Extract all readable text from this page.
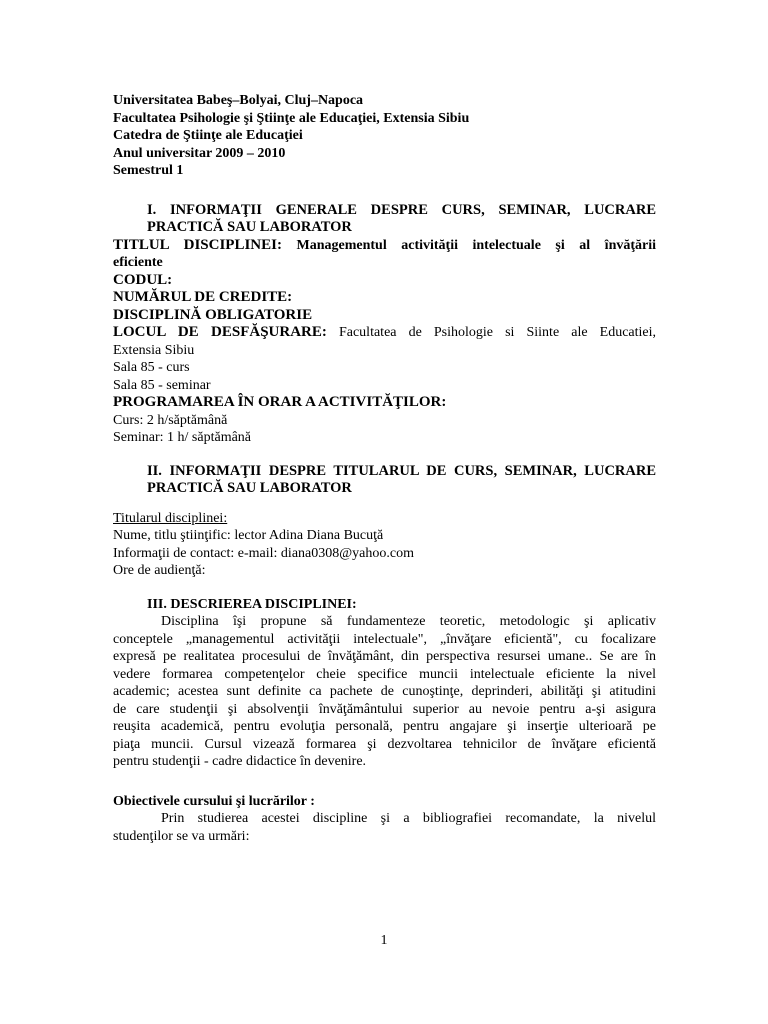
Universitatea Babeş–Bolyai, Cluj–Napoca

Facultatea Psihologie şi Ştiinţe ale Educaţiei, Extensia Sibiu

Catedra de Ştiinţe ale Educaţiei

Anul universitar 2009 – 2010

Semestrul 1

I. INFORMAŢII GENERALE DESPRE CURS, SEMINAR, LUCRARE

PRACTICĂ SAU LABORATOR

TITLUL DISCIPLINEI: Managementul activităţii intelectuale şi al învăţării

eficiente

CODUL:

NUMĂRUL DE CREDITE:

DISCIPLINĂ OBLIGATORIE

LOCUL DE DESFĂŞURARE: Facultatea de Psihologie si Siinte ale Educatiei,

Extensia Sibiu

Sala 85 - curs

Sala 85 - seminar

PROGRAMAREA ÎN ORAR A ACTIVITĂŢILOR:

Curs: 2 h/săptămână

Seminar: 1 h/ săptămână

II. INFORMAŢII DESPRE TITULARUL DE CURS, SEMINAR, LUCRARE

PRACTICĂ SAU LABORATOR

Titularul disciplinei:

Nume, titlu ştiinţific: lector Adina Diana Bucuţă

Informaţii de contact: e-mail: diana0308@yahoo.com

Ore de audienţă:

III. DESCRIEREA DISCIPLINEI:

Disciplina îşi propune să fundamenteze teoretic, metodologic şi aplicativ

conceptele „managementul activităţii intelectuale", „învăţare eficientă", cu focalizare

expresă pe realitatea procesului de învăţământ, din perspectiva resursei umane.. Se are în

vedere formarea competenţelor cheie specifice muncii intelectuale eficiente la nivel

academic; acestea sunt definite ca pachete de cunoştinţe, deprinderi, abilităţi şi atitudini

de care studenţii şi absolvenţii învăţământului superior au nevoie pentru a-şi asigura

reuşita academică, pentru evoluţia personală, pentru angajare şi inserţie ulterioară pe

piaţa muncii. Cursul vizează formarea şi dezvoltarea tehnicilor de învăţare eficientă

pentru studenţii - cadre didactice în devenire.

Obiectivele cursului şi lucrărilor :

Prin studierea acestei discipline şi a bibliografiei recomandate, la nivelul

studenţilor se va urmări:

1
